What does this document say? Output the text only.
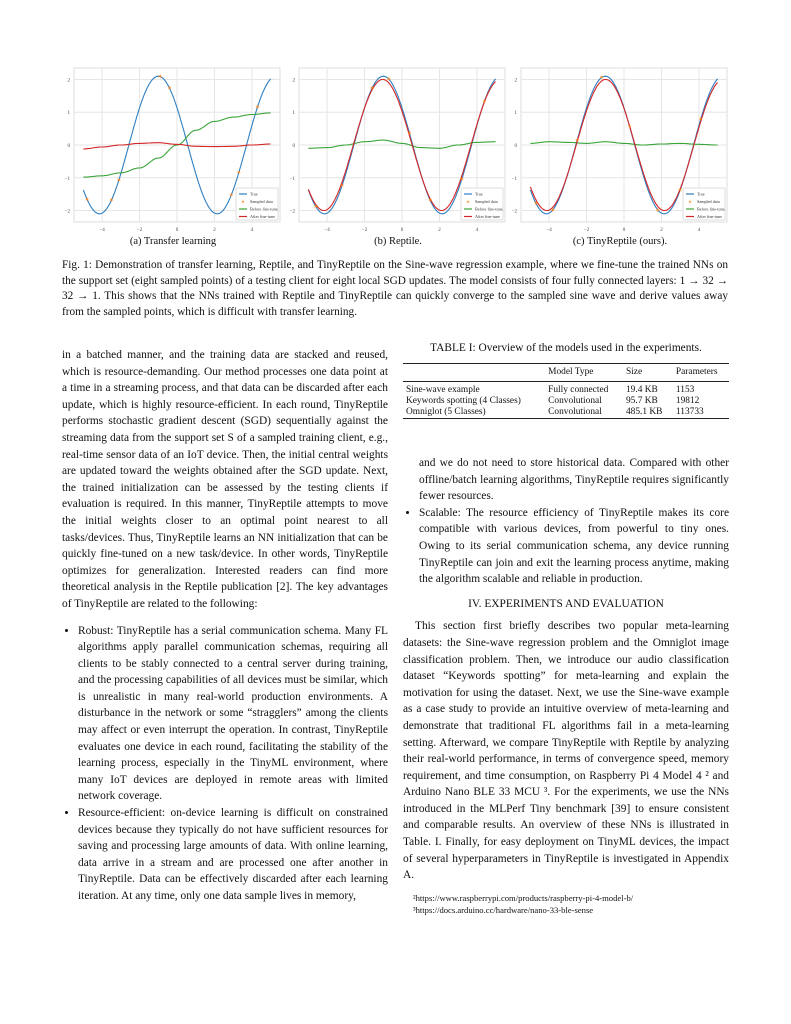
−4	−2	0	2	4
2
1
0
−1
−2
✶	✶
✶
✶
✶
✶
✶
✶	True
✶ Sampled data
Before fine-tune
After fine-tune
−4	−2	0	2	4
2
1
0
−1
−2
✶
✶
✶
✶
✶
✶
✶
✶
True
✶ Sampled data
Before fine-tune
After fine-tune
−4	−2	0	2	4
2
1
0
−1
−2
✶
✶
✶
✶
✶
✶
✶
✶
True
✶ Sampled data
Before fine-tune
After fine-tune
(a) Transfer learning	(b) Reptile.	(c) TinyReptile (ours).
Fig. 1: Demonstration of transfer learning, Reptile, and TinyReptile on the Sine-wave regression example, where we fine-tune the trained NNs on the support set (eight sampled points) of a testing client for eight local SGD updates. The model consists of four fully connected layers: 1 → 32 → 32 → 1. This shows that the NNs trained with Reptile and TinyReptile can quickly converge to the sampled sine wave and derive values away from the sampled points, which is difficult with transfer learning.

in a batched manner, and the training data are stacked and reused, which is resource-demanding. Our method processes one data point at a time in a streaming process, and that data can be discarded after each update, which is highly resource-efficient. In each round, TinyReptile performs stochastic gradient descent (SGD) sequentially against the streaming data from the support set S of a sampled training client, e.g., real-time sensor data of an IoT device. Then, the initial central weights are updated toward the weights obtained after the SGD update. Next, the trained initialization can be assessed by the testing clients if evaluation is required. In this manner, TinyReptile attempts to move the initial weights closer to an optimal point nearest to all tasks/devices. Thus, TinyReptile learns an NN initialization that can be quickly fine-tuned on a new task/device. In other words, TinyReptile optimizes for generalization. Interested readers can find more theoretical analysis in the Reptile publication [2]. The key advantages of TinyReptile are related to the following:

• Robust: TinyReptile has a serial communication schema. Many FL algorithms apply parallel communication schemas, requiring all clients to be stably connected to a central server during training, and the processing capabilities of all devices must be similar, which is unrealistic in many real-world production environments. A disturbance in the network or some “stragglers” among the clients may affect or even interrupt the operation. In contrast, TinyReptile evaluates one device in each round, facilitating the stability of the learning process, especially in the TinyML environment, where many IoT devices are deployed in remote areas with limited network coverage.
• Resource-efficient: on-device learning is difficult on constrained devices because they typically do not have sufficient resources for saving and processing large amounts of data. With online learning, data arrive in a stream and are processed one after another in TinyReptile. Data can be effectively discarded after each learning iteration. At any time, only one data sample lives in memory,
TABLE I: Overview of the models used in the experiments.
	Model Type	Size	Parameters
Sine-wave example	Fully connected	19.4 KB	1153
Keywords spotting (4 Classes)	Convolutional	95.7 KB	19812
Omniglot (5 Classes)	Convolutional	485.1 KB	113733

and we do not need to store historical data. Compared with other offline/batch learning algorithms, TinyReptile requires significantly fewer resources.

• Scalable: The resource efficiency of TinyReptile makes its core compatible with various devices, from powerful to tiny ones. Owing to its serial communication schema, any device running TinyReptile can join and exit the learning process anytime, making the algorithm scalable and reliable in production.
IV. EXPERIMENTS AND EVALUATION

This section first briefly describes two popular meta-learning datasets: the Sine-wave regression problem and the Omniglot image classification problem. Then, we introduce our audio classification dataset “Keywords spotting” for meta-learning and explain the motivation for using the dataset. Next, we use the Sine-wave example as a case study to provide an intuitive overview of meta-learning and demonstrate that traditional FL algorithms fail in a meta-learning setting. Afterward, we compare TinyReptile with Reptile by analyzing their real-world performance, in terms of convergence speed, memory requirement, and time consumption, on Raspberry Pi 4 Model 4 ² and Arduino Nano BLE 33 MCU ³. For the experiments, we use the NNs introduced in the MLPerf Tiny benchmark [39] to ensure consistent and comparable results. An overview of these NNs is illustrated in Table. I. Finally, for easy deployment on TinyML devices, the impact of several hyperparameters in TinyReptile is investigated in Appendix A.

²https://www.raspberrypi.com/products/raspberry-pi-4-model-b/
³https://docs.arduino.cc/hardware/nano-33-ble-sense
